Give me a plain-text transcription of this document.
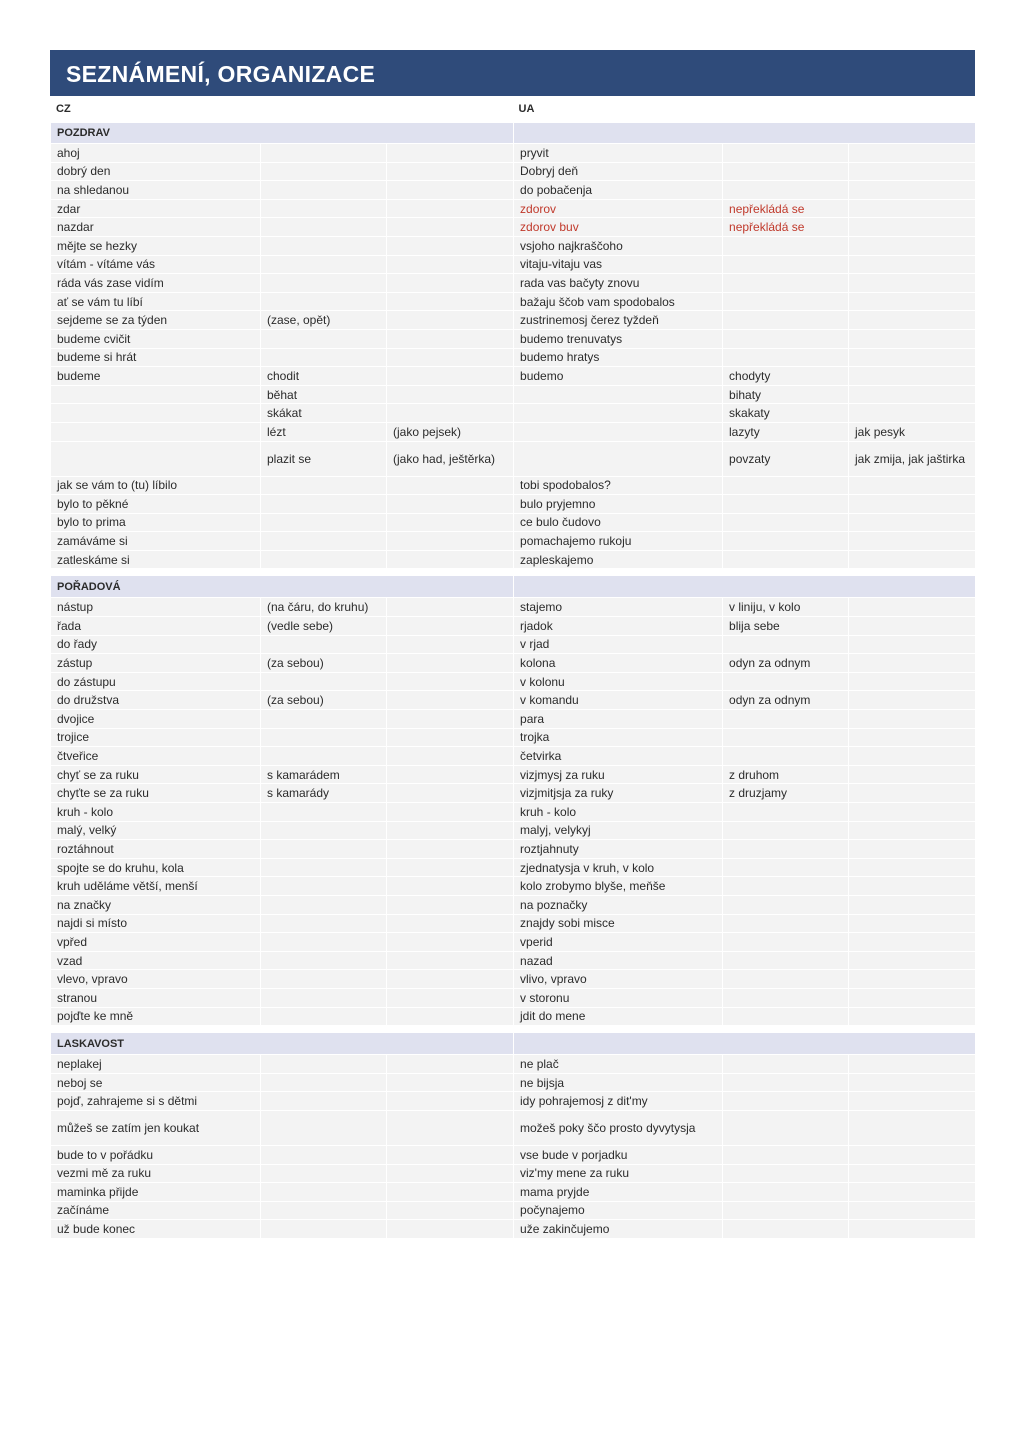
SEZNÁMENÍ, ORGANIZACE
CZ	UA
POZDRAV					
ahoj			pryvit		
dobrý den			Dobryj deň		
na shledanou			do pobačenja		
zdar			zdorov	nepřekládá se	
nazdar			zdorov buv	nepřekládá se	
mějte se hezky			vsjoho najkraščoho		
vítám - vítáme vás			vitaju-vitaju vas		
ráda vás zase vidím			rada vas bačyty znovu		
ať se vám tu líbí			bažaju ščob vam spodobalos		
sejdeme se za týden	(zase, opět)		zustrinemosj čerez tyždeň		
budeme cvičit			budemo trenuvatys		
budeme si hrát			budemo hratys		
budeme	chodit		budemo	chodyty	
	běhat			bihaty	
	skákat			skakaty	
	lézt	(jako pejsek)		lazyty	jak pesyk
	plazit se	(jako had, ještěrka)		povzaty	jak zmija, jak jaštirka
jak se vám to (tu) líbilo			tobi spodobalos?		
bylo to pěkné			bulo pryjemno		
bylo to prima			ce bulo čudovo		
zamáváme si			pomachajemo rukoju		
zatleskáme si			zapleskajemo		

POŘADOVÁ					
nástup	(na čáru, do kruhu)		stajemo	v liniju, v kolo	
řada	(vedle sebe)		rjadok	blija sebe	
do řady			v rjad		
zástup	(za sebou)		kolona	odyn za odnym	
do zástupu			v kolonu		
do družstva	(za sebou)		v komandu	odyn za odnym	
dvojice			para		
trojice			trojka		
čtveřice			četvirka		
chyť se za ruku	s kamarádem		vizjmysj za ruku	z druhom	
chyťte se za ruku	s kamarády		vizjmitjsja za ruky	z druzjamy	
kruh - kolo			kruh - kolo		
malý, velký			malyj, velykyj		
roztáhnout			roztjahnuty		
spojte se do kruhu, kola			zjednatysja v kruh, v kolo		
kruh uděláme větší, menší			kolo zrobymo blyše, meňše		
na značky			na poznačky		
najdi si místo			znajdy sobi misce		
vpřed			vperid		
vzad			nazad		
vlevo, vpravo			vlivo, vpravo		
stranou			v storonu		
pojďte ke mně			jdit do mene		

LASKAVOST					
neplakej			ne plač		
neboj se			ne bijsja		
pojď, zahrajeme si s dětmi			idy pohrajemosj z dit'my		
můžeš se zatím jen koukat			možeš poky ščo prosto dyvytysja		
bude to v pořádku			vse bude v porjadku		
vezmi mě za ruku			viz'my mene za ruku		
maminka přijde			mama pryjde		
začínáme			počynajemo		
už bude konec			uže zakinčujemo		
